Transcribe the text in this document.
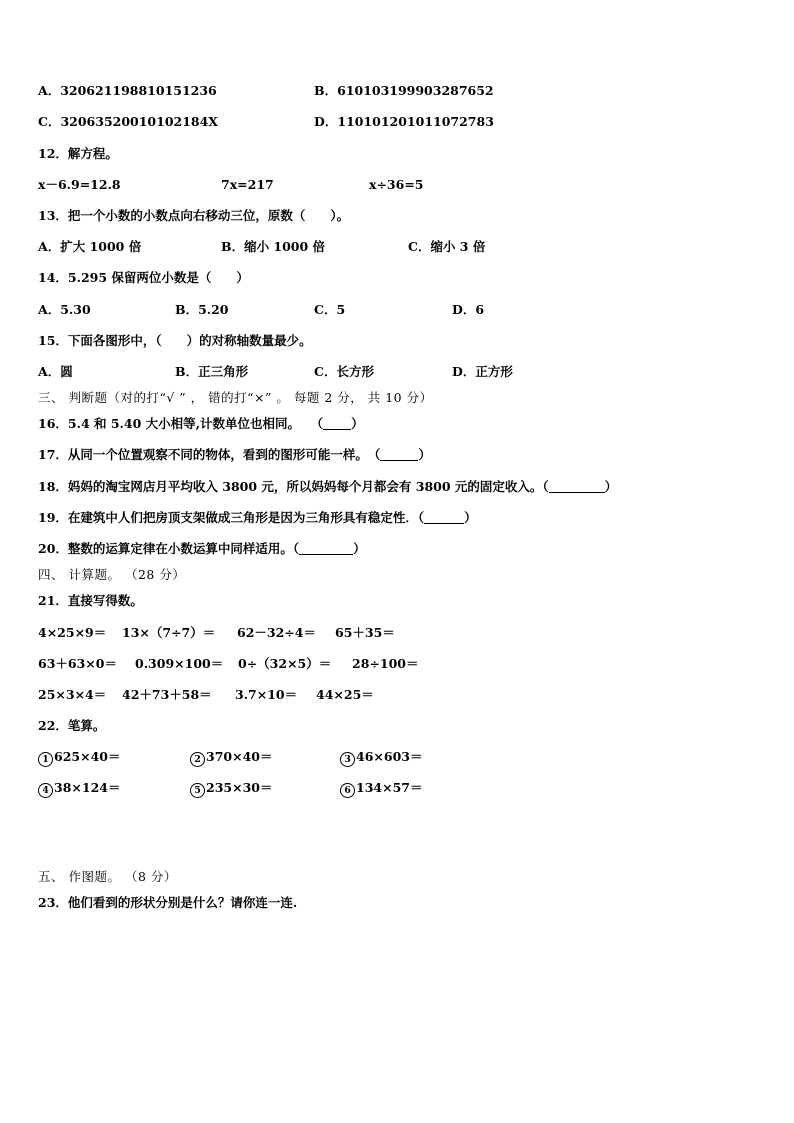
A．320621198810151236	B．610103199903287652
C．32063520010102184X	D．110101201011072783
12．解方程。
x－6.9=12.8	7x=217	x÷36=5
13．把一个小数的小数点向右移动三位，原数（　　）。
A．扩大 1000 倍	B．缩小 1000 倍	C．缩小 3 倍
14．5.295 保留两位小数是（　　）
A．5.30	B．5.20	C．5	D．6
15．下面各图形中，（　　）的对称轴数量最少。
A．圆	B．正三角形	C．长方形	D．正方形
三、 判断题（对的打“√ ” ， 错的打“×” 。 每题 2 分， 共 10 分）
16．5.4 和 5.40 大小相等,计数单位也相同。　 （ ）
17．从同一个位置观察不同的物体，看到的图形可能一样。　 （	）
18．妈妈的淘宝网店月平均收入 3800 元，所以妈妈每个月都会有 3800 元的固定收入。（	）
19．在建筑中人们把房顶支架做成三角形是因为三角形具有稳定性．（	）
20．整数的运算定律在小数运算中同样适用。（	）
四、 计算题。 （28 分）
21．直接写得数。
4×25×9＝ 13×（7÷7）＝ 62－32÷4＝ 65＋35＝
63＋63×0＝ 0.309×100＝ 0÷（32×5）＝ 28÷100＝
25×3×4＝ 42＋73＋58＝ 3.7×10＝ 44×25＝
22．笔算。
1 625×40＝	2 370×40＝	3 46×603＝
4 38×124＝	5 235×30＝	6 134×57＝
五、 作图题。 （8 分）
23．他们看到的形状分别是什么？请你连一连.
